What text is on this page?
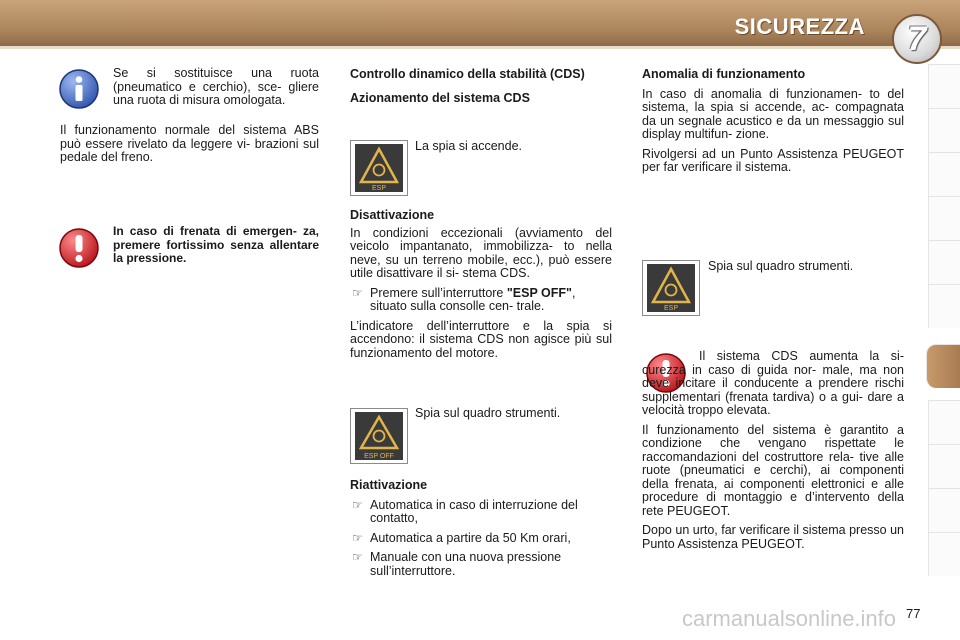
SICUREZZA	7

Se si sostituisce una ruota (pneumatico e cerchio), sce- gliere una ruota di misura omologata.

Il funzionamento normale del sistema ABS può essere rivelato da leggere vi- brazioni sul pedale del freno.

In caso di frenata di emergen- za, premere fortissimo senza allentare la pressione.

Controllo dinamico della stabilità (CDS)

Azionamento del sistema CDS

ESP

La spia si accende.

Disattivazione

In condizioni eccezionali (avviamento del veicolo impantanato, immobilizza- to nella neve, su un terreno mobile, ecc.), può essere utile disattivare il si- stema CDS.

☞ Premere sull’interruttore "ESP OFF", situato sulla consolle cen- trale.

L’indicatore dell’interruttore e la spia si accendono: il sistema CDS non agisce più sul funzionamento del motore.

ESP OFF

Spia sul quadro strumenti.

Riattivazione

☞ Automatica in caso di interruzione del contatto,
☞ Automatica a partire da 50 Km orari,
☞ Manuale con una nuova pressione sull’interruttore.

Anomalia di funzionamento

In caso di anomalia di funzionamen- to del sistema, la spia si accende, ac- compagnata da un segnale acustico e da un messaggio sul display multifun- zione.

Rivolgersi ad un Punto Assistenza PEUGEOT per far verificare il sistema.

ESP

Spia sul quadro strumenti.

Il sistema CDS aumenta la si- curezza in caso di guida nor- male, ma non deve incitare il conducente a prendere rischi supplementari (frenata tardiva) o a gui- dare a velocità troppo elevata.

Il funzionamento del sistema è garantito a condizione che vengano rispettate le raccomandazioni del costruttore rela- tive alle ruote (pneumatici e cerchi), ai componenti della frenata, ai componenti elettronici e alle procedure di montaggio e d’intervento della rete PEUGEOT.

Dopo un urto, far verificare il sistema presso un Punto Assistenza PEUGEOT.

carmanualsonline.info 77
